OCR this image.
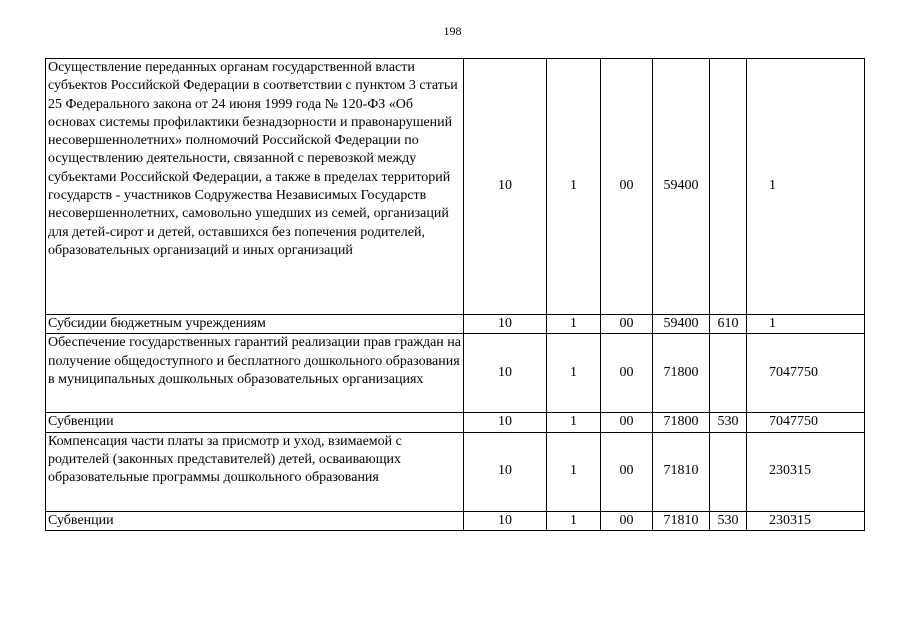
198
Осуществление переданных органам государственной власти субъектов Российской Федерации в соответствии с пунктом 3 статьи 25 Федерального закона от 24 июня 1999 года № 120-ФЗ «Об основах системы профилактики безнадзорности и правонарушений несовершеннолетних» полномочий Российской Федерации по осуществлению деятельности, связанной с перевозкой между субъектами Российской Федерации, а также в пределах территорий государств - участников Содружества Независимых Государств несовершеннолетних, самовольно ушедших из семей, организаций для детей-сирот и детей, оставшихся без попечения родителей, образовательных организаций и иных организаций	10	1	00	59400		1
Субсидии бюджетным учреждениям	10	1	00	59400	610	1
Обеспечение государственных гарантий реализации прав граждан на получение общедоступного и бесплатного дошкольного образования в муниципальных дошкольных образовательных организациях	10	1	00	71800		7047750
Субвенции	10	1	00	71800	530	7047750
Компенсация части платы за присмотр и уход, взимаемой с родителей (законных представителей) детей, осваивающих образовательные программы дошкольного образования	10	1	00	71810		230315
Субвенции	10	1	00	71810	530	230315
